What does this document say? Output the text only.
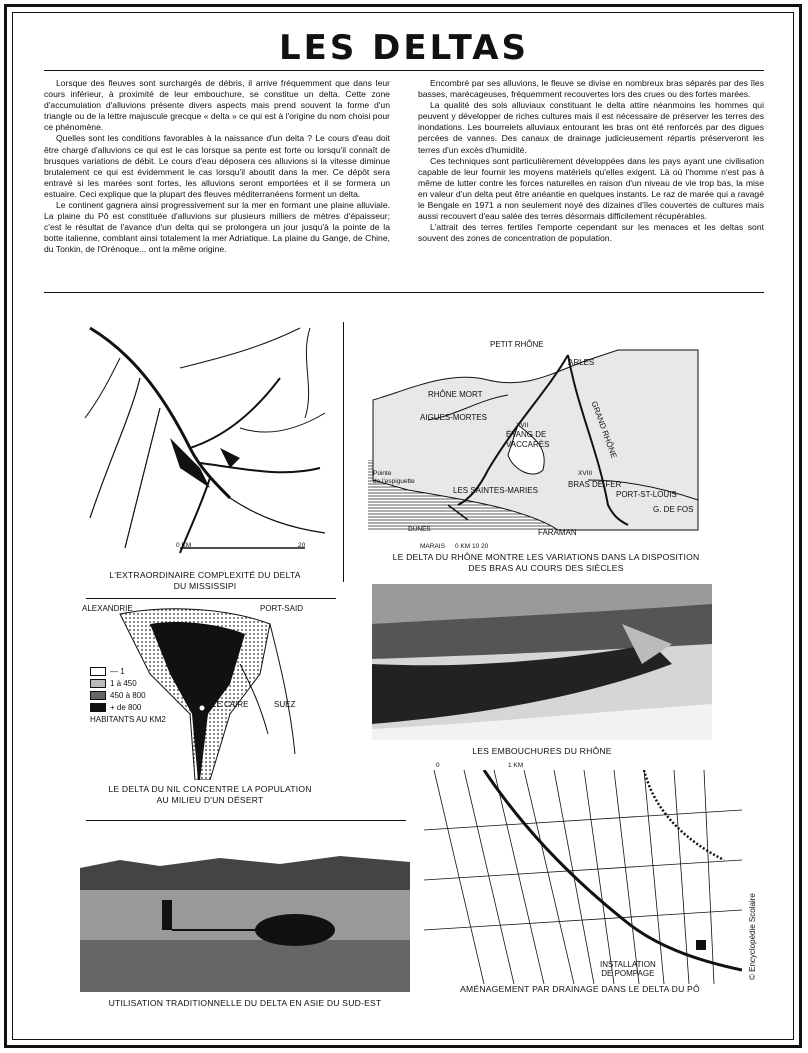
LES DELTAS

Lorsque des fleuves sont surchargés de débris, il arrive fréquemment que dans leur cours inférieur, à proximité de leur embouchure, se constitue un delta. Cette zone d'accumulation d'alluvions présente divers aspects mais prend souvent la forme d'un triangle ou de la lettre majuscule grecque « delta » ce qui est à l'origine du nom choisi pour ce phénomène.

Quelles sont les conditions favorables à la naissance d'un delta ? Le cours d'eau doit être chargé d'alluvions ce qui est le cas lorsque sa pente est forte ou lorsqu'il connaît de brusques variations de débit. Le cours d'eau déposera ces alluvions si la vitesse diminue brutalement ce qui est évidemment le cas lorsqu'il aboutit dans la mer. Ce dépôt sera entravé si les marées sont fortes, les alluvions seront emportées et il se formera un estuaire. Ceci explique que la plupart des fleuves méditerranéens forment un delta.

Le continent gagnera ainsi progressivement sur la mer en formant une plaine alluviale. La plaine du Pô est constituée d'alluvions sur plusieurs milliers de mètres d'épaisseur; c'est le résultat de l'avance d'un delta qui se prolongera un jour jusqu'à la pointe de la botte italienne, comblant ainsi totalement la mer Adriatique. La plaine du Gange, de Chine, du Tonkin, de l'Orénoque... ont la même origine.

Encombré par ses alluvions, le fleuve se divise en nombreux bras séparés par des îles basses, marécageuses, fréquemment recouvertes lors des crues ou des fortes marées.

La qualité des sols alluviaux constituant le delta attire néanmoins les hommes qui peuvent y développer de riches cultures mais il est nécessaire de préserver les terres des inondations. Les bourrelets alluviaux entourant les bras ont été renforcés par des digues percées de vannes. Des canaux de drainage judicieusement répartis préserveront les terres d'un excès d'humidité.

Ces techniques sont particulièrement développées dans les pays ayant une civilisation capable de leur fournir les moyens matériels qu'elles exigent. Là où l'homme n'est pas à même de lutter contre les forces naturelles en raison d'un niveau de vie trop bas, la mise en valeur d'un delta peut être anéantie en quelques instants. Le raz de marée qui a ravagé le Bengale en 1971 a non seulement noyé des dizaines d'îles couvertes de cultures mais aussi recouvert d'eau salée des terres désormais difficilement récupérables.

L'attrait des terres fertiles l'emporte cependant sur les menaces et les deltas sont souvent des zones de concentration de population.

0 KM	20
L'EXTRAORDINAIRE COMPLEXITÉ DU DELTA
DU MISSISSIPI
PETIT RHÔNE
ARLES
RHÔNE MORT
AIGUES-MORTES
XVII
ÉTANG DE
VACCARÈS
XVIII
GRAND RHÔNE
Pointe
de l'espiguette
LES SAINTES-MARIES
BRAS DE FER
PORT-ST-LOUIS
G. DE FOS
FARAMAN
DUNES
MARAIS 0 KM 10 20
LE DELTA DU RHÔNE MONTRE LES VARIATIONS DANS LA DISPOSITION
DES BRAS AU COURS DES SIÈCLES
ALEXANDRIE	PORT-SAID
LE CAIRE	SUEZ
— 1
1 à 450
450 à 800
+ de 800
HABITANTS AU KM2
LE DELTA DU NIL CONCENTRE LA POPULATION
AU MILIEU D'UN DÉSERT
LES EMBOUCHURES DU RHÔNE
UTILISATION TRADITIONNELLE DU DELTA EN ASIE DU SUD-EST
0	1 KM
INSTALLATION
DE POMPAGE
AMÉNAGEMENT PAR DRAINAGE DANS LE DELTA DU PÔ
© Encyclopédie Scolaire
